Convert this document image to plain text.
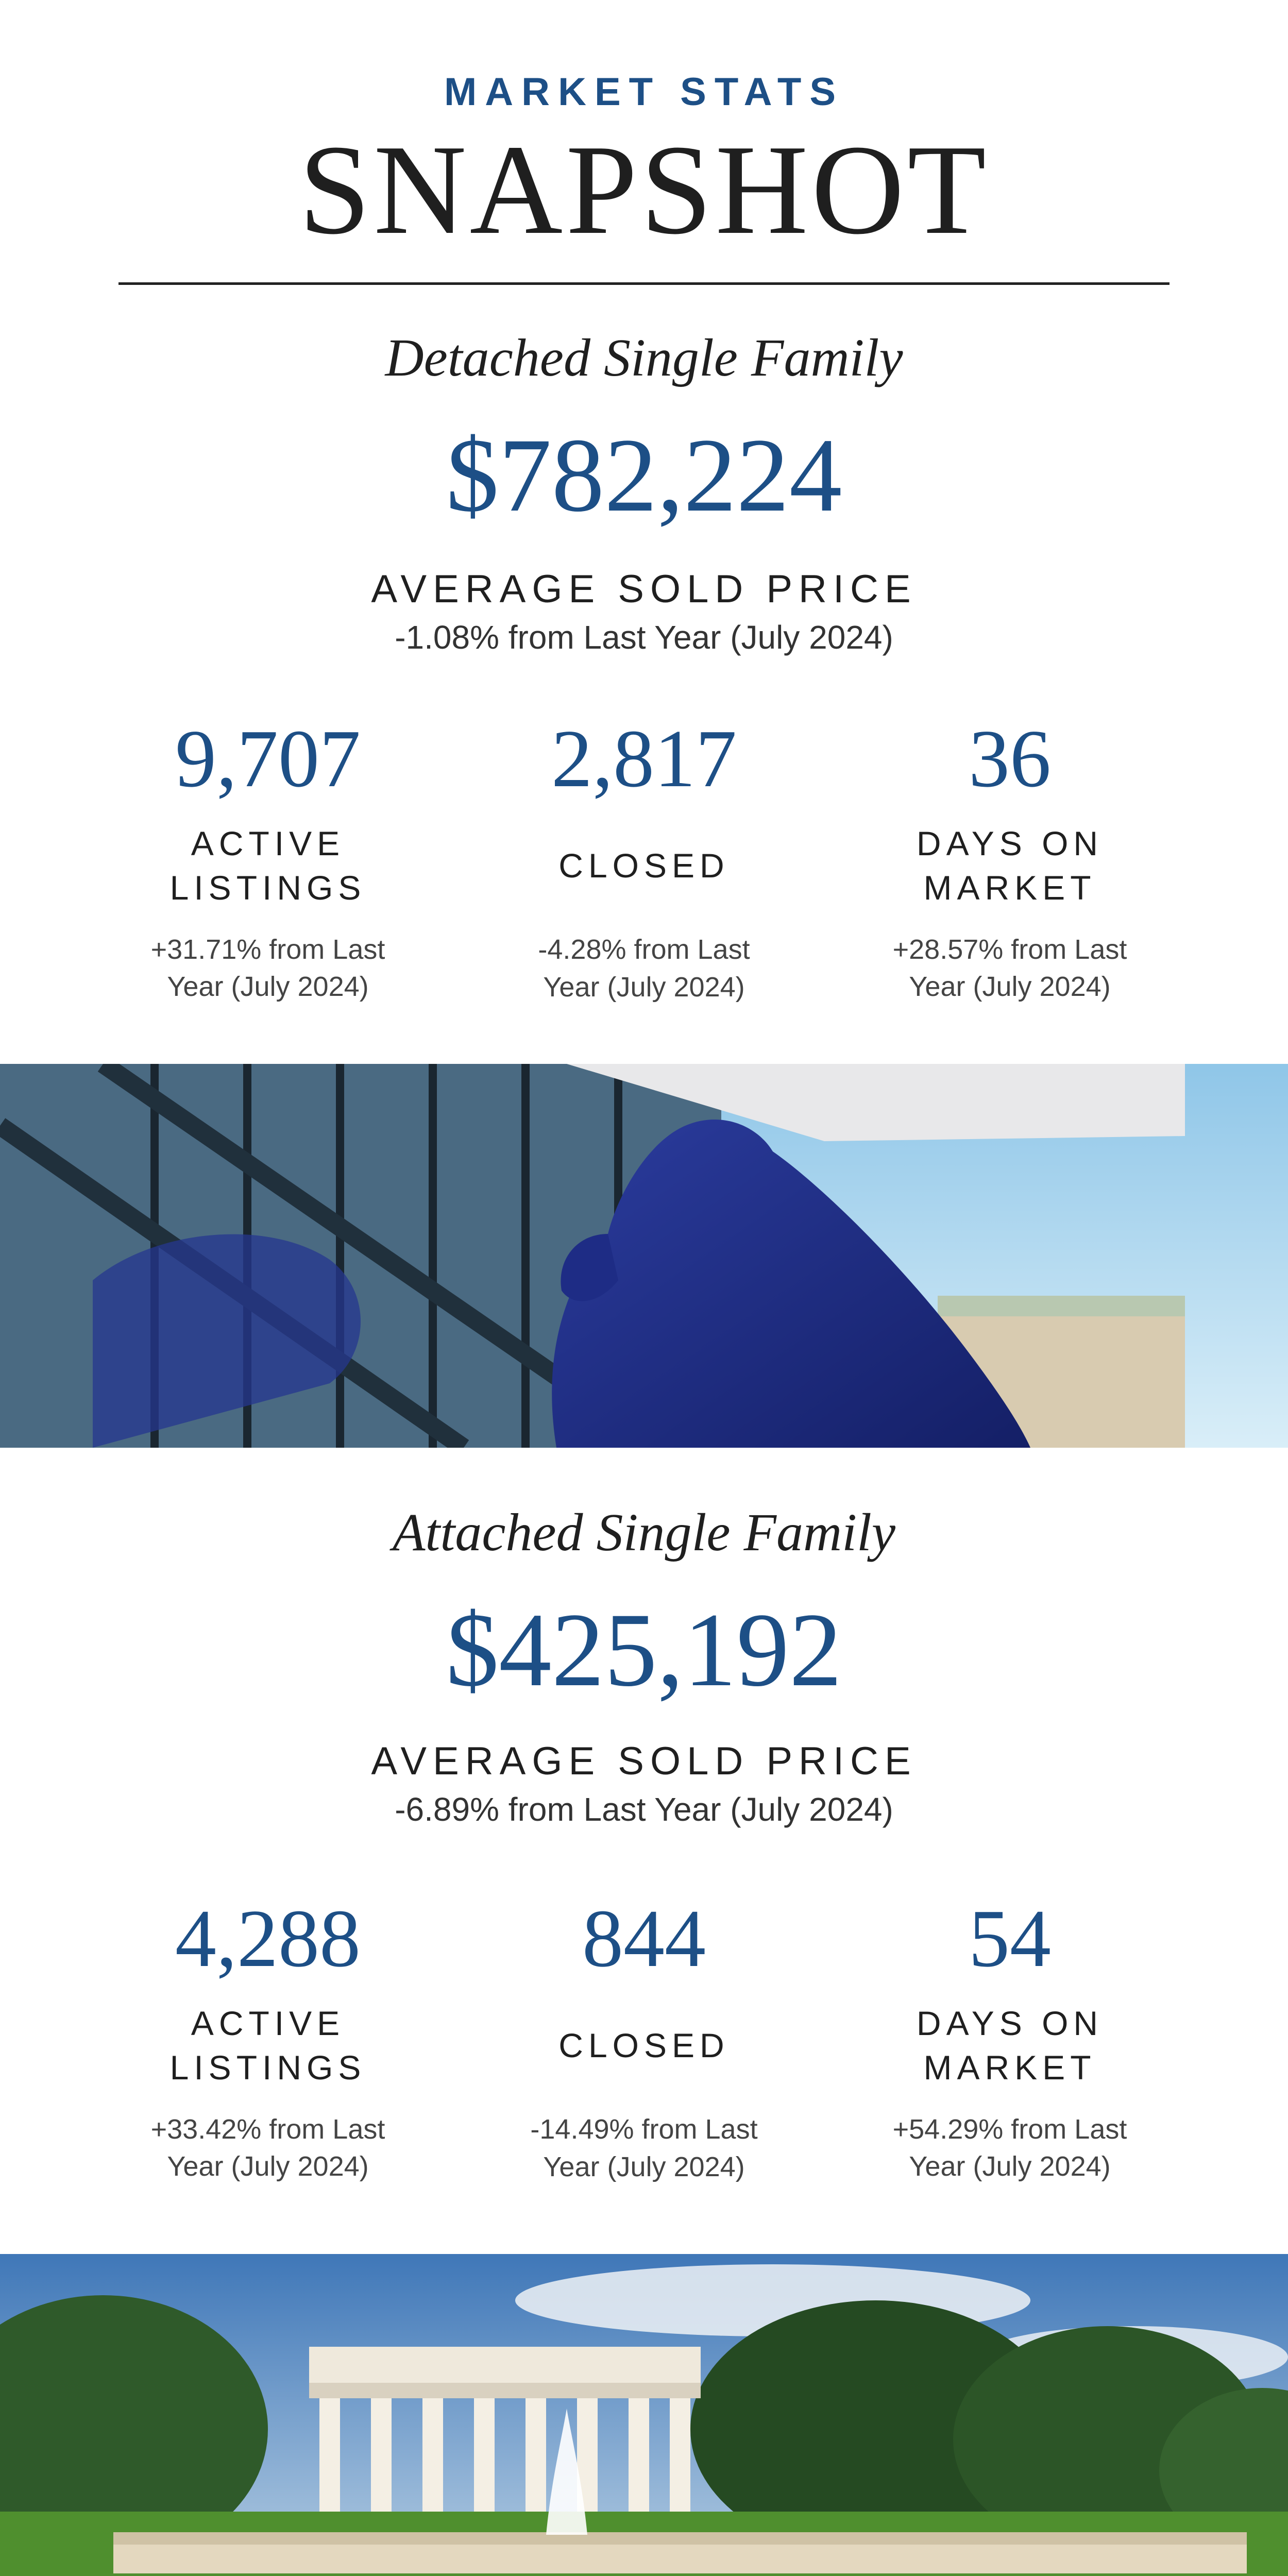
MARKET STATS
SNAPSHOT
Detached Single Family
$782,224
AVERAGE SOLD PRICE
-1.08% from Last Year (July 2024)
9,707
ACTIVE
LISTINGS
+31.71% from Last
Year (July 2024)
2,817
CLOSED
-4.28% from Last
Year (July 2024)
36
DAYS ON
MARKET
+28.57% from Last
Year (July 2024)
Attached Single Family
$425,192
AVERAGE SOLD PRICE
-6.89% from Last Year (July 2024)
4,288
ACTIVE
LISTINGS
+33.42% from Last
Year (July 2024)
844
CLOSED
-14.49% from Last
Year (July 2024)
54
DAYS ON
MARKET
+54.29% from Last
Year (July 2024)
